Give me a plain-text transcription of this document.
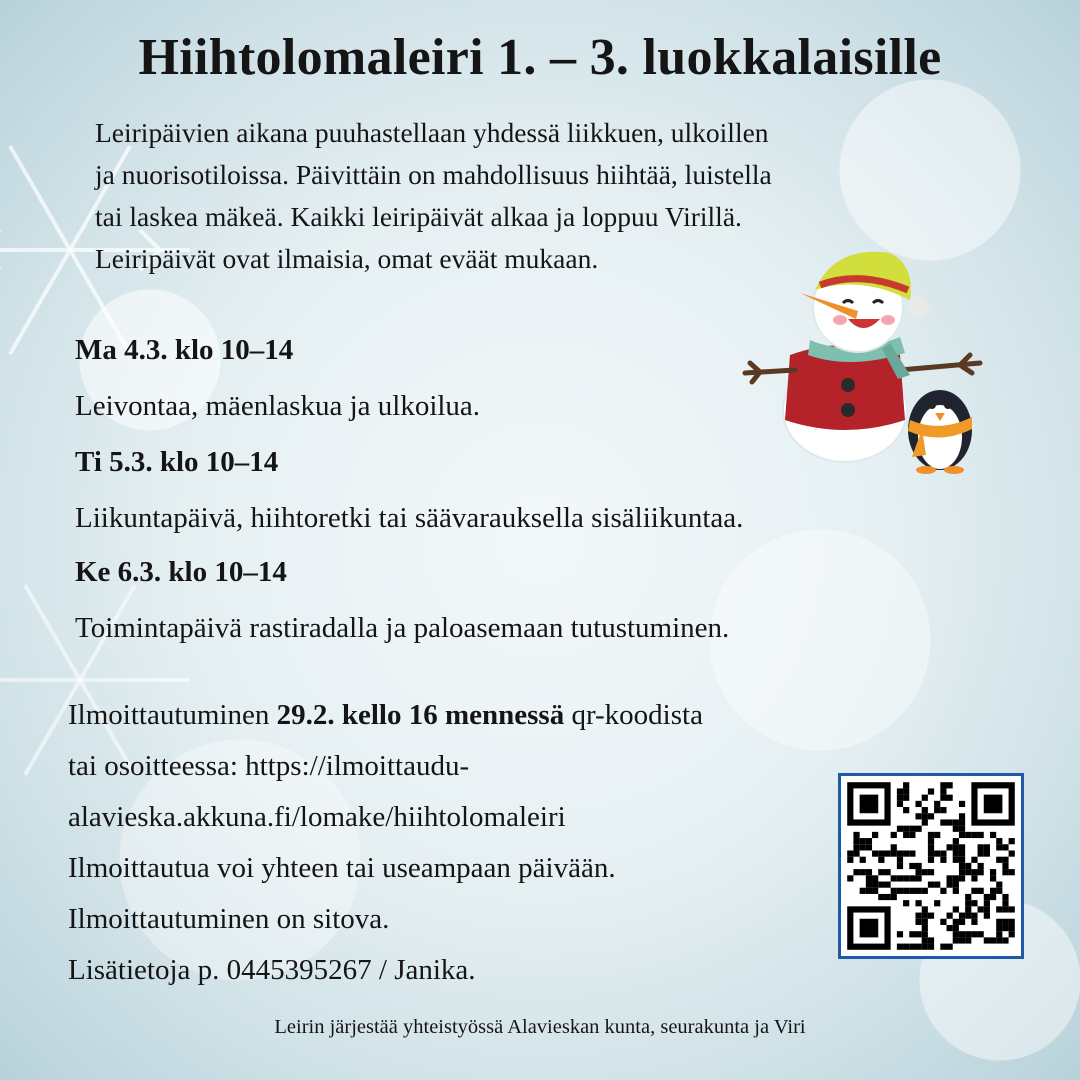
Hiihtolomaleiri 1. – 3. luokkalaisille

Leiripäivien aikana puuhastellaan yhdessä liikkuen, ulkoillen

ja nuorisotiloissa. Päivittäin on mahdollisuus hiihtää, luistella

tai laskea mäkeä. Kaikki leiripäivät alkaa ja loppuu Virillä.

Leiripäivät ovat ilmaisia, omat eväät mukaan.

Ma 4.3. klo 10–14
Leivontaa, mäenlaskua ja ulkoilua.
Ti 5.3. klo 10–14
Liikuntapäivä, hiihtoretki tai säävarauksella sisäliikuntaa.
Ke 6.3. klo 10–14
Toimintapäivä rastiradalla ja paloasemaan tutustuminen.

Ilmoittautuminen 29.2. kello 16 mennessä qr-koodista

tai osoitteessa: https://ilmoittaudu-

alavieska.akkuna.fi/lomake/hiihtolomaleiri

Ilmoittautua voi yhteen tai useampaan päivään.

Ilmoittautuminen on sitova.

Lisätietoja p. 0445395267 / Janika.

Leirin järjestää yhteistyössä Alavieskan kunta, seurakunta ja Viri
